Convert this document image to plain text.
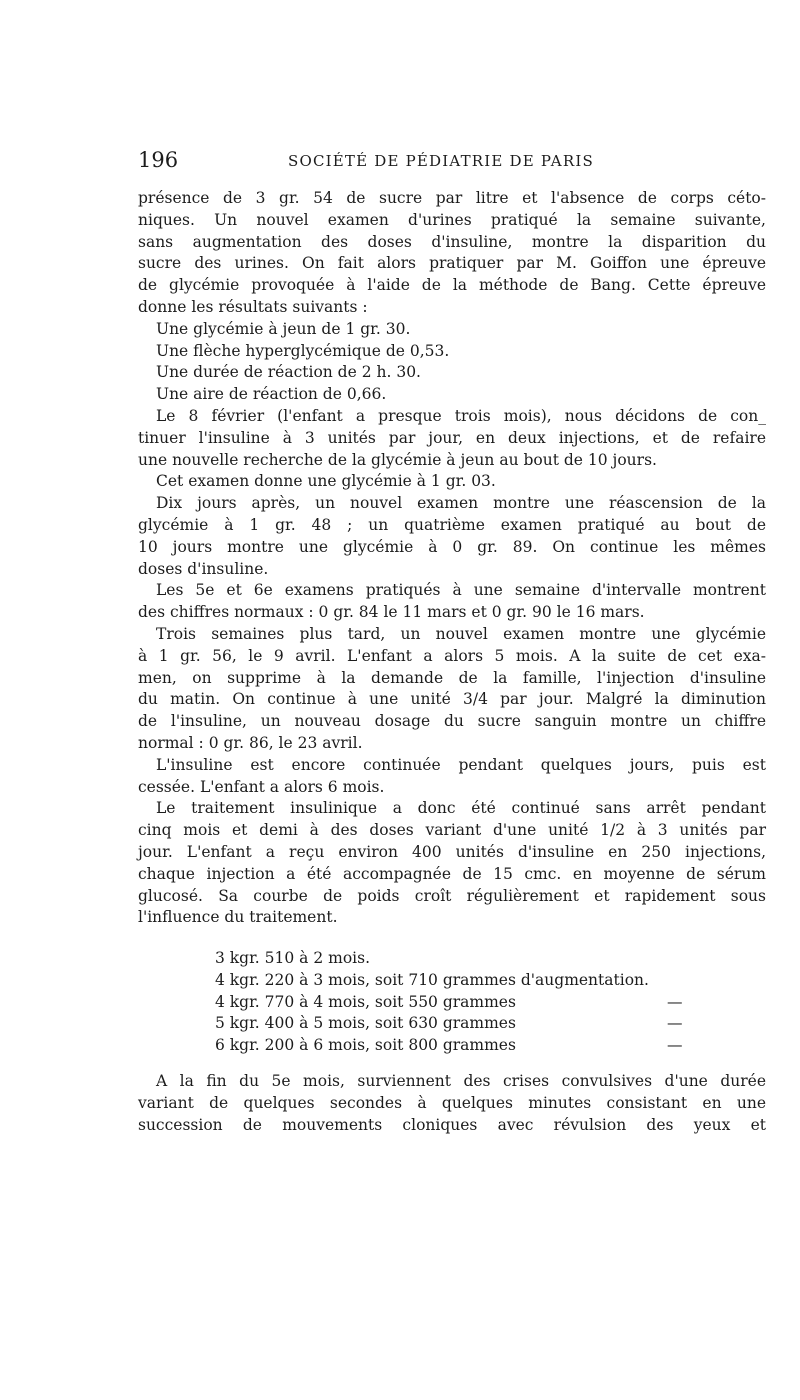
196	SOCIÉTÉ DE PÉDIATRIE DE PARIS
présence de 3 gr. 54 de sucre par litre et l'absence de corps céto-
niques. Un nouvel examen d'urines pratiqué la semaine suivante,
sans augmentation des doses d'insuline, montre la disparition du
sucre des urines. On fait alors pratiquer par M. Goiffon une épreuve
de glycémie provoquée à l'aide de la méthode de Bang. Cette épreuve
donne les résultats suivants :
Une glycémie à jeun de 1 gr. 30.
Une flèche hyperglycémique de 0,53.
Une durée de réaction de 2 h. 30.
Une aire de réaction de 0,66.
Le 8 février (l'enfant a presque trois mois), nous décidons de con_
tinuer l'insuline à 3 unités par jour, en deux injections, et de refaire
une nouvelle recherche de la glycémie à jeun au bout de 10 jours.
Cet examen donne une glycémie à 1 gr. 03.
Dix jours après, un nouvel examen montre une réascension de la
glycémie à 1 gr. 48 ; un quatrième examen pratiqué au bout de
10 jours montre une glycémie à 0 gr. 89. On continue les mêmes
doses d'insuline.
Les 5e et 6e examens pratiqués à une semaine d'intervalle montrent
des chiffres normaux : 0 gr. 84 le 11 mars et 0 gr. 90 le 16 mars.
Trois semaines plus tard, un nouvel examen montre une glycémie
à 1 gr. 56, le 9 avril. L'enfant a alors 5 mois. A la suite de cet exa-
men, on supprime à la demande de la famille, l'injection d'insuline
du matin. On continue à une unité 3/4 par jour. Malgré la diminution
de l'insuline, un nouveau dosage du sucre sanguin montre un chiffre
normal : 0 gr. 86, le 23 avril.
L'insuline est encore continuée pendant quelques jours, puis est
cessée. L'enfant a alors 6 mois.
Le traitement insulinique a donc été continué sans arrêt pendant
cinq mois et demi à des doses variant d'une unité 1/2 à 3 unités par
jour. L'enfant a reçu environ 400 unités d'insuline en 250 injections,
chaque injection a été accompagnée de 15 cmc. en moyenne de sérum
glucosé. Sa courbe de poids croît régulièrement et rapidement sous
l'influence du traitement.
3 kgr. 510 à 2 mois.
4 kgr. 220 à 3 mois, soit 710 grammes d'augmentation.
4 kgr. 770 à 4 mois, soit 550 grammes	—
5 kgr. 400 à 5 mois, soit 630 grammes	—
6 kgr. 200 à 6 mois, soit 800 grammes	—
A la fin du 5e mois, surviennent des crises convulsives d'une durée
variant de quelques secondes à quelques minutes consistant en une
succession de mouvements cloniques avec révulsion des yeux et
